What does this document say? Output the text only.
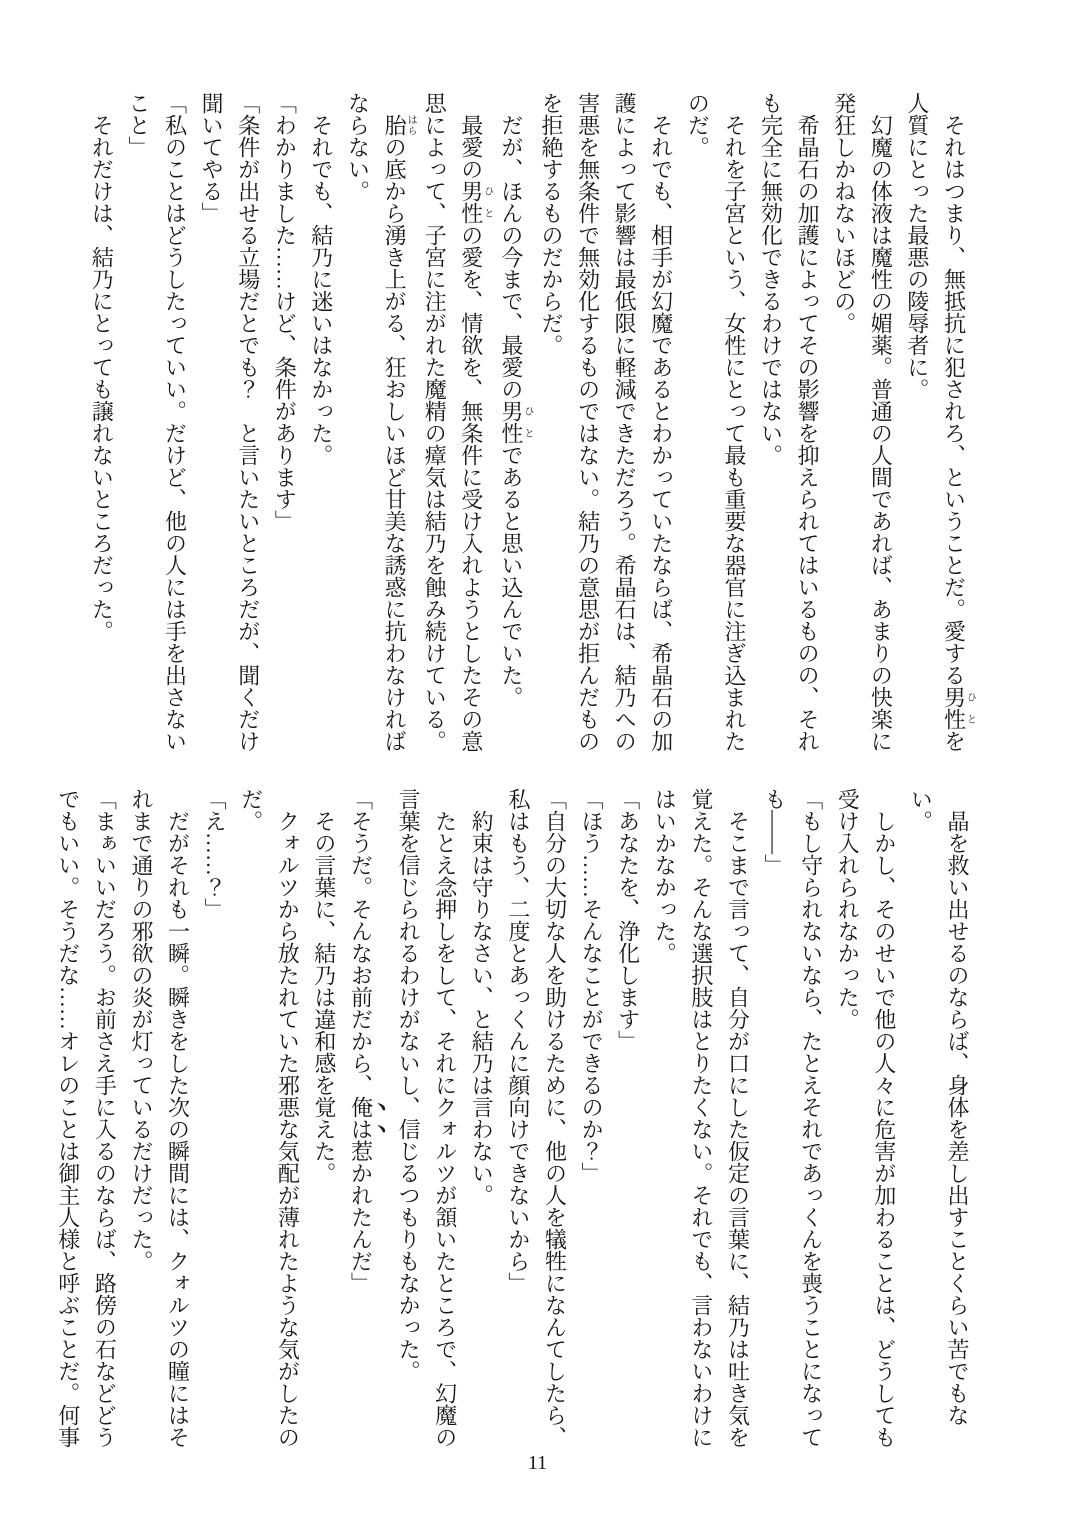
それはつまり、無抵抗に犯されろ、ということだ。愛する男性ひとを

人質にとった最悪の陵辱者に。

幻魔の体液は魔性の媚薬。普通の人間であれば、あまりの快楽に

発狂しかねないほどの。

希晶石の加護によってその影響を抑えられてはいるものの、それ

も完全に無効化できるわけではない。

それを子宮という、女性にとって最も重要な器官に注ぎ込まれた

のだ。

それでも、相手が幻魔であるとわかっていたならば、希晶石の加

護によって影響は最低限に軽減できただろう。希晶石は、結乃への

害悪を無条件で無効化するものではない。結乃の意思が拒んだもの

を拒絶するものだからだ。

だが、ほんの今まで、最愛の男性ひとであると思い込んでいた。

最愛の男性ひとの愛を、情欲を、無条件に受け入れようとしたその意

思によって、子宮に注がれた魔精の瘴気は結乃を蝕み続けている。

胎はらの底から湧き上がる、狂おしいほど甘美な誘惑に抗わなければ

ならない。

それでも、結乃に迷いはなかった。

「わかりました……けど、条件があります」

「条件が出せる立場だとでも？　と言いたいところだが、聞くだけ

聞いてやる」

「私のことはどうしたっていい。だけど、他の人には手を出さない

こと」

それだけは、結乃にとっても譲れないところだった。

晶を救い出せるのならば、身体を差し出すことくらい苦でもない。

しかし、そのせいで他の人々に危害が加わることは、どうしても

受け入れられなかった。

「もし守られないなら、たとえそれであっくんを喪うことになって

も――」

そこまで言って、自分が口にした仮定の言葉に、結乃は吐き気を

覚えた。そんな選択肢はとりたくない。それでも、言わないわけに

はいかなかった。

「あなたを、浄化します」

「ほう……そんなことができるのか？」

「自分の大切な人を助けるために、他の人を犠牲になんてしたら、

私はもう、二度とあっくんに顔向けできないから」

約束は守りなさい、と結乃は言わない。

たとえ念押しをして、それにクォルツが頷いたところで、幻魔の

言葉を信じられるわけがないし、信じるつもりもなかった。

「そうだ。そんなお前だから、俺は惹かれたんだ」

その言葉に、結乃は違和感を覚えた。

クォルツから放たれていた邪悪な気配が薄れたような気がしたの

だ。

「え……？」

だがそれも一瞬。瞬きをした次の瞬間には、クォルツの瞳にはそ

れまで通りの邪欲の炎が灯っているだけだった。

「まぁいいだろう。お前さえ手に入るのならば、路傍の石などどう

でもいい。そうだな……オレのことは御主人様と呼ぶことだ。何事

11
